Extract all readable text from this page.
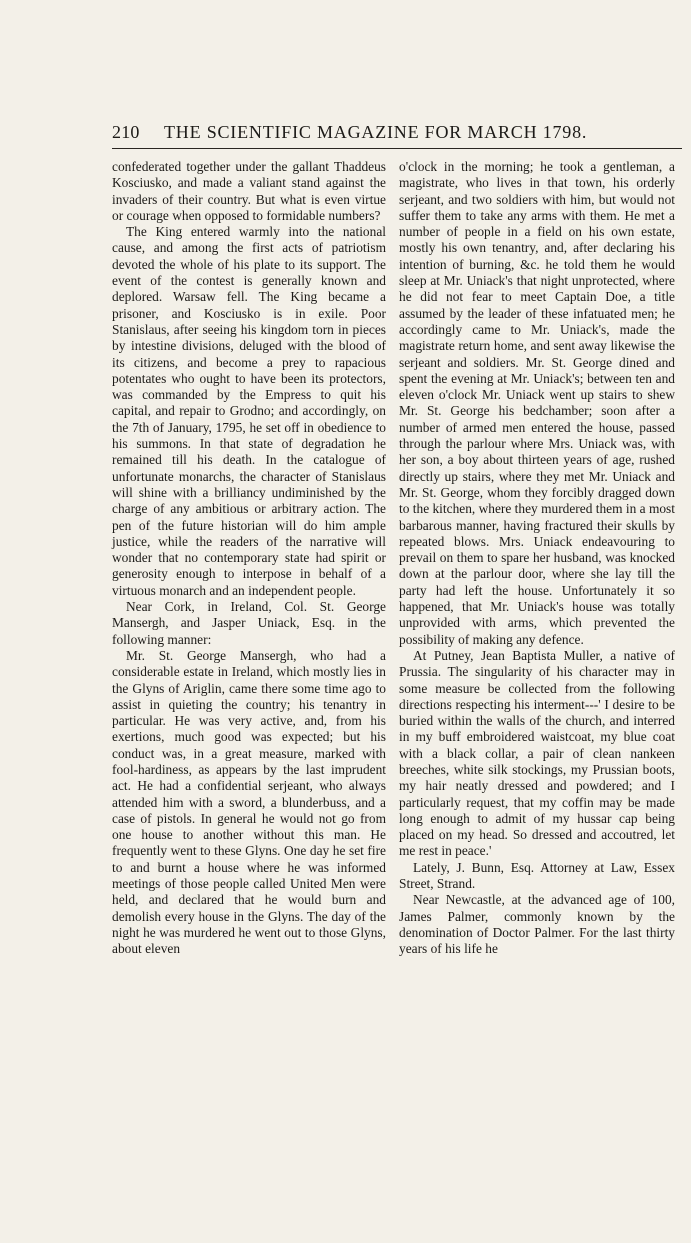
210 THE SCIENTIFIC MAGAZINE FOR MARCH 1798.

confederated together under the gallant Thaddeus Kosciusko, and made a valiant stand against the invaders of their country. But what is even virtue or courage when opposed to formidable numbers?

The King entered warmly into the national cause, and among the first acts of patriotism devoted the whole of his plate to its support. The event of the contest is generally known and deplored. Warsaw fell. The King became a prisoner, and Kosciusko is in exile. Poor Stanislaus, after seeing his kingdom torn in pieces by intestine divisions, deluged with the blood of its citizens, and become a prey to rapacious potentates who ought to have been its protectors, was commanded by the Empress to quit his capital, and repair to Grodno; and accordingly, on the 7th of January, 1795, he set off in obedience to his summons. In that state of degradation he remained till his death. In the catalogue of unfortunate monarchs, the character of Stanislaus will shine with a brilliancy undiminished by the charge of any ambitious or arbitrary action. The pen of the future historian will do him ample justice, while the readers of the narrative will wonder that no contemporary state had spirit or generosity enough to interpose in behalf of a virtuous monarch and an independent people.

Near Cork, in Ireland, Col. St. George Mansergh, and Jasper Uniack, Esq. in the following manner:

Mr. St. George Mansergh, who had a considerable estate in Ireland, which mostly lies in the Glyns of Ariglin, came there some time ago to assist in quieting the country; his tenantry in particular. He was very active, and, from his exertions, much good was expected; but his conduct was, in a great measure, marked with fool-hardiness, as appears by the last imprudent act. He had a confidential serjeant, who always attended him with a sword, a blunderbuss, and a case of pistols. In general he would not go from one house to another without this man. He frequently went to these Glyns. One day he set fire to and burnt a house where he was informed meetings of those people called United Men were held, and declared that he would burn and demolish every house in the Glyns. The day of the night he was murdered he went out to those Glyns, about eleven

o'clock in the morning; he took a gentleman, a magistrate, who lives in that town, his orderly serjeant, and two soldiers with him, but would not suffer them to take any arms with them. He met a number of people in a field on his own estate, mostly his own tenantry, and, after declaring his intention of burning, &c. he told them he would sleep at Mr. Uniack's that night unprotected, where he did not fear to meet Captain Doe, a title assumed by the leader of these infatuated men; he accordingly came to Mr. Uniack's, made the magistrate return home, and sent away likewise the serjeant and soldiers. Mr. St. George dined and spent the evening at Mr. Uniack's; between ten and eleven o'clock Mr. Uniack went up stairs to shew Mr. St. George his bedchamber; soon after a number of armed men entered the house, passed through the parlour where Mrs. Uniack was, with her son, a boy about thirteen years of age, rushed directly up stairs, where they met Mr. Uniack and Mr. St. George, whom they forcibly dragged down to the kitchen, where they murdered them in a most barbarous manner, having fractured their skulls by repeated blows. Mrs. Uniack endeavouring to prevail on them to spare her husband, was knocked down at the parlour door, where she lay till the party had left the house. Unfortunately it so happened, that Mr. Uniack's house was totally unprovided with arms, which prevented the possibility of making any defence.

At Putney, Jean Baptista Muller, a native of Prussia. The singularity of his character may in some measure be collected from the following directions respecting his interment---' I desire to be buried within the walls of the church, and interred in my buff embroidered waistcoat, my blue coat with a black collar, a pair of clean nankeen breeches, white silk stockings, my Prussian boots, my hair neatly dressed and powdered; and I particularly request, that my coffin may be made long enough to admit of my hussar cap being placed on my head. So dressed and accoutred, let me rest in peace.'

Lately, J. Bunn, Esq. Attorney at Law, Essex Street, Strand.

Near Newcastle, at the advanced age of 100, James Palmer, commonly known by the denomination of Doctor Palmer. For the last thirty years of his life he
